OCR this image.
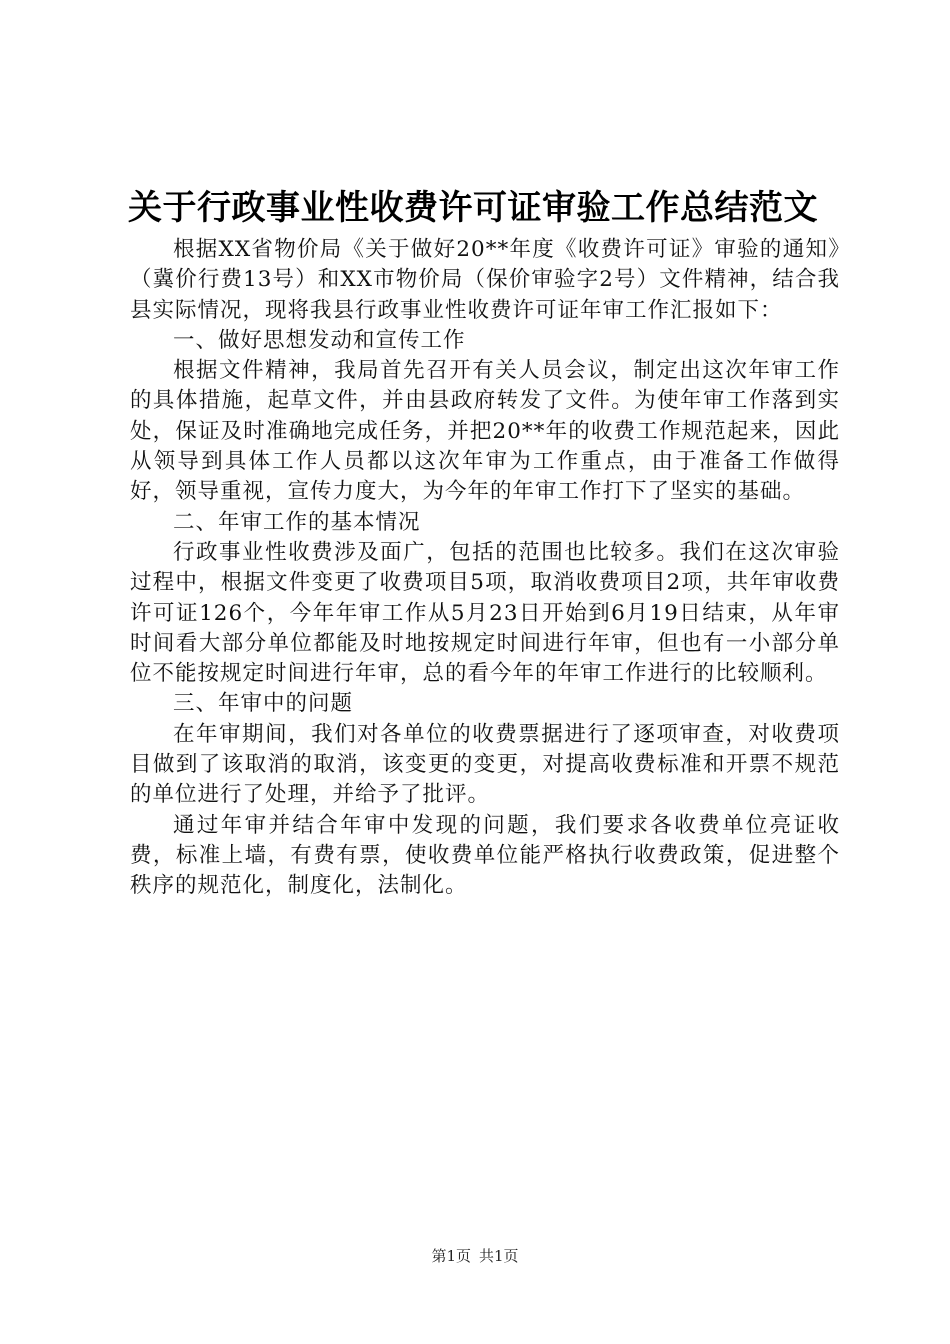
关于行政事业性收费许可证审验工作总结范文

根据XX省物价局《关于做好20**年度《收费许可证》审验的通知》（冀价行费13号）和XX市物价局（保价审验字2号）文件精神，结合我县实际情况，现将我县行政事业性收费许可证年审工作汇报如下：

一、做好思想发动和宣传工作

根据文件精神，我局首先召开有关人员会议，制定出这次年审工作的具体措施，起草文件，并由县政府转发了文件。为使年审工作落到实处，保证及时准确地完成任务，并把20**年的收费工作规范起来，因此从领导到具体工作人员都以这次年审为工作重点，由于准备工作做得好，领导重视，宣传力度大，为今年的年审工作打下了坚实的基础。

二、年审工作的基本情况

行政事业性收费涉及面广，包括的范围也比较多。我们在这次审验过程中，根据文件变更了收费项目5项，取消收费项目2项，共年审收费许可证126个，今年年审工作从5月23日开始到6月19日结束，从年审时间看大部分单位都能及时地按规定时间进行年审，但也有一小部分单位不能按规定时间进行年审，总的看今年的年审工作进行的比较顺利。

三、年审中的问题

在年审期间，我们对各单位的收费票据进行了逐项审查，对收费项目做到了该取消的取消，该变更的变更，对提高收费标准和开票不规范的单位进行了处理，并给予了批评。

通过年审并结合年审中发现的问题，我们要求各收费单位亮证收费，标准上墙，有费有票，使收费单位能严格执行收费政策，促进整个秩序的规范化，制度化，法制化。

第1页 共1页
